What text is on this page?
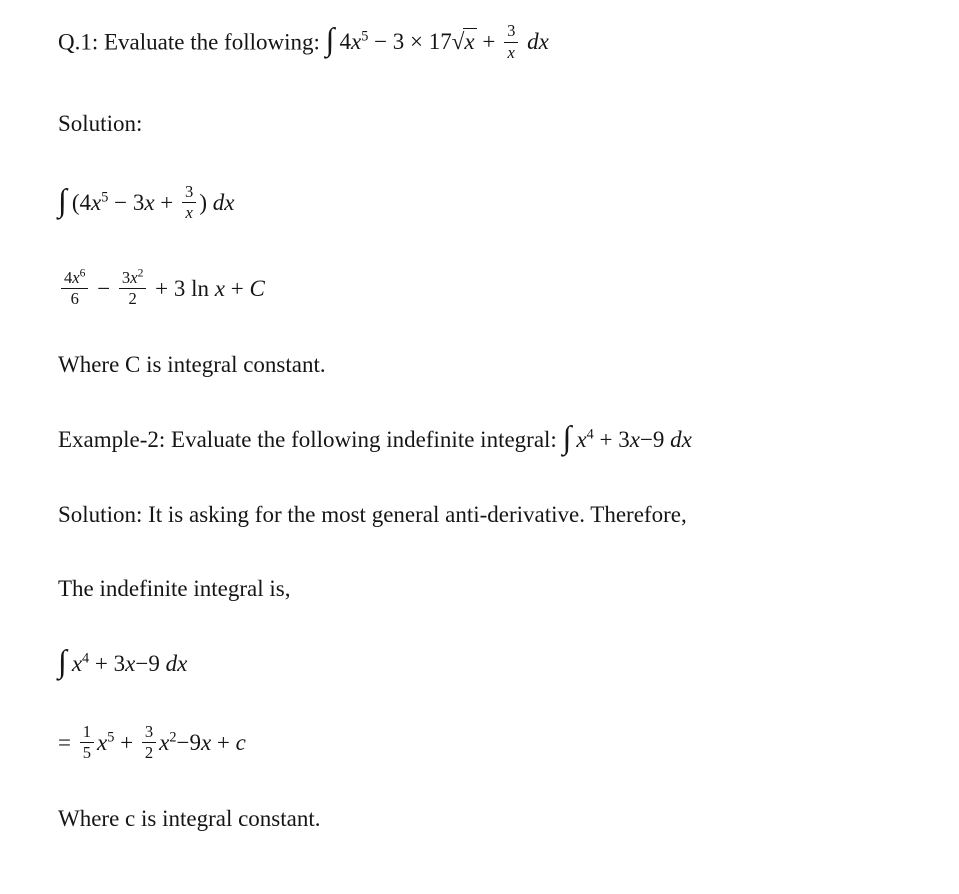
Q.1: Evaluate the following: ∫ $4x^5 - 3 \times 17√x + \frac{3}{x}$ dx

Solution:

∫ ($4x^5 - 3x + \frac{3}{x}$ ) dx

$\frac{4x^6}{6} - \frac{3x^2}{2} + 3$ ln x + C

Where C is integral constant.

Example-2: Evaluate the following indefinite integral: ∫ $x^4 + 3x-9$ dx

Solution: It is asking for the most general anti-derivative. Therefore,

The indefinite integral is,

∫ $x^4 + 3x-9$ dx

= $\frac{1}{5} x^5 + \frac{3}{2} x^2-9x + c$

Where c is integral constant.
